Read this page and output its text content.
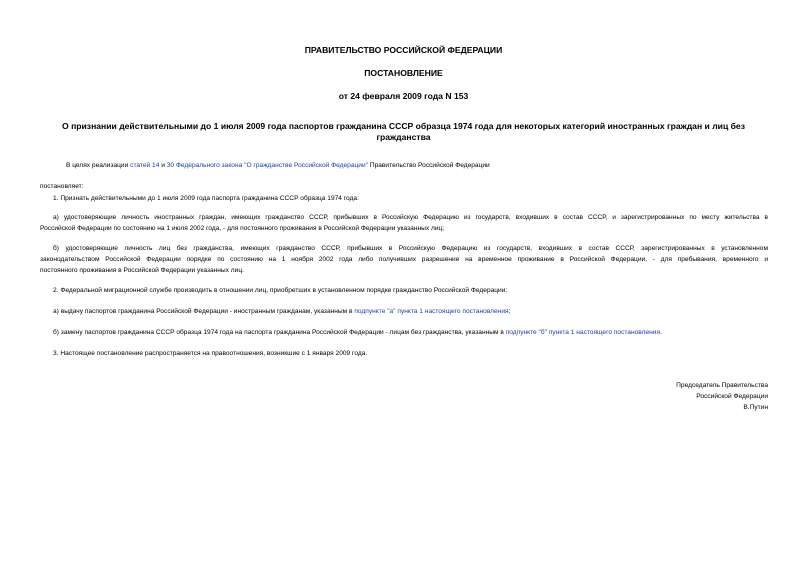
ПРАВИТЕЛЬСТВО РОССИЙСКОЙ ФЕДЕРАЦИИ
ПОСТАНОВЛЕНИЕ
от 24 февраля 2009 года N 153
О признании действительными до 1 июля 2009 года паспортов гражданина СССР образца 1974 года для некоторых категорий иностранных граждан и лиц без гражданства
В целях реализации статей 14 и 30 Федерального закона "О гражданстве Российской Федерации" Правительство Российской Федерации
постановляет:
1. Признать действительными до 1 июля 2009 года паспорта гражданина СССР образца 1974 года:
а) удостоверяющие личность иностранных граждан, имеющих гражданство СССР, прибывших в Российскую Федерацию из государств, входивших в состав СССР, и зарегистрированных по месту жительства в
Российской Федерации по состоянию на 1 июля 2002 года, - для постоянного проживания в Российской Федерации указанных лиц;
б) удостоверяющие личность лиц без гражданства, имеющих гражданство СССР, прибывших в Российскую Федерацию из государств, входивших в состав СССР, зарегистрированных в установленном
законодательством Российской Федерации порядке по состоянию на 1 ноября 2002 года либо получивших разрешение на временное проживание в Российской Федерации, - для пребывания, временного и
постоянного проживания в Российской Федерации указанных лиц.
2. Федеральной миграционной службе производить в отношении лиц, приобретших в установленном порядке гражданство Российской Федерации:
а) выдачу паспортов гражданина Российской Федерации - иностранным гражданам, указанным в подпункте "а" пункта 1 настоящего постановления;
б) замену паспортов гражданина СССР образца 1974 года на паспорта гражданина Российской Федерации - лицам без гражданства, указанным в подпункте "б" пункта 1 настоящего постановления.
3. Настоящее постановление распространяется на правоотношения, возникшие с 1 января 2009 года.
Председатель Правительства
Российской Федерации
В.Путин
